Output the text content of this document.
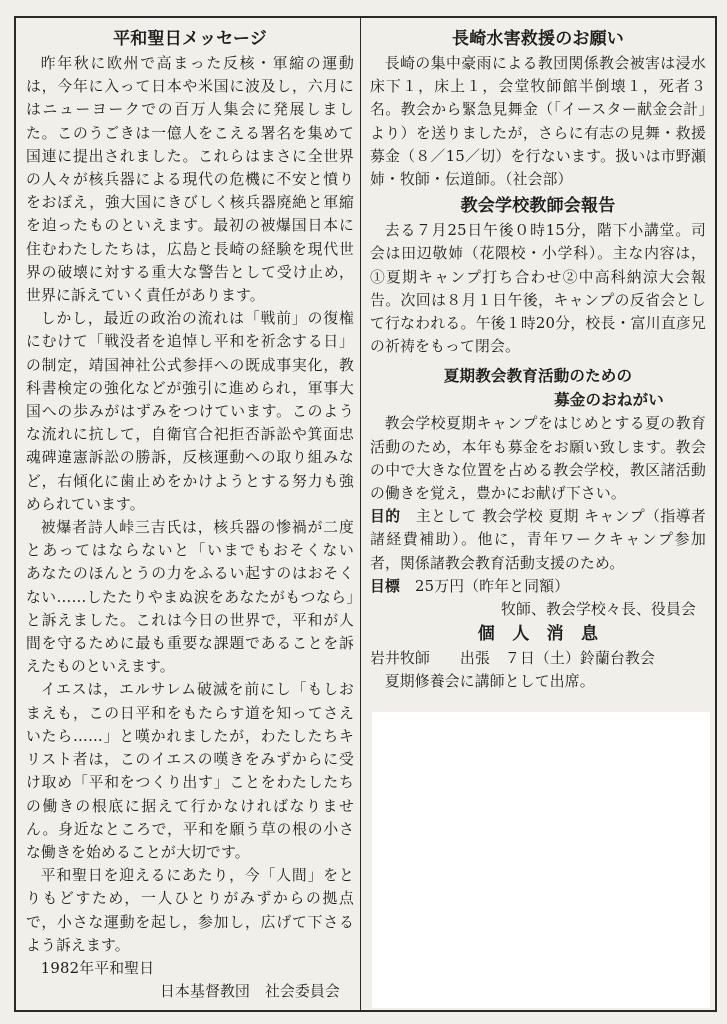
平和聖日メッセージ

昨年秋に欧州で高まった反核・軍縮の運動は，今年に入って日本や米国に波及し，六月にはニューヨークでの百万人集会に発展しました。このうごきは一億人をこえる署名を集めて国連に提出されました。これらはまさに全世界の人々が核兵器による現代の危機に不安と憤りをおぼえ，強大国にきびしく核兵器廃絶と軍縮を迫ったものといえます。最初の被爆国日本に住むわたしたちは，広島と長崎の経験を現代世界の破壊に対する重大な警告として受け止め，世界に訴えていく責任があります。

しかし，最近の政治の流れは「戦前」の復権にむけて「戦没者を追悼し平和を祈念する日」の制定，靖国神社公式参拝への既成事実化，教科書検定の強化などが強引に進められ，軍事大国への歩みがはずみをつけています。このような流れに抗して，自衛官合祀拒否訴訟や箕面忠魂碑違憲訴訟の勝訴，反核運動への取り組みなど，右傾化に歯止めをかけようとする努力も強められています。

被爆者詩人峠三吉氏は，核兵器の惨禍が二度とあってはならないと「いまでもおそくない　あなたのほんとうの力をふるい起すのはおそくない……したたりやまぬ涙をあなたがもつなら」と訴えました。これは今日の世界で，平和が人間を守るために最も重要な課題であることを訴えたものといえます。

イエスは，エルサレム破滅を前にし「もしおまえも，この日平和をもたらす道を知ってさえいたら……」と嘆かれましたが，わたしたちキリスト者は，このイエスの嘆きをみずからに受け取め「平和をつくり出す」ことをわたしたちの働きの根底に据えて行かなければなりません。身近なところで，平和を願う草の根の小さな働きを始めることが大切です。

平和聖日を迎えるにあたり，今「人間」をとりもどすため，一人ひとりがみずからの拠点で，小さな運動を起し，参加し，広げて下さるよう訴えます。

1982年平和聖日

日本基督教団　社会委員会

長崎水害救援のお願い

長崎の集中豪雨による教団関係教会被害は浸水床下１，床上１，会堂牧師館半倒壊１，死者３名。教会から緊急見舞金（「イースター献金会計」より）を送りましたが，さらに有志の見舞・救援募金（８／15／切）を行ないます。扱いは市野瀬姉・牧師・伝道師。（社会部）

教会学校教師会報告

去る７月25日午後０時15分，階下小講堂。司会は田辺敬姉（花隈校・小学科）。主な内容は，①夏期キャンプ打ち合わせ②中高科納涼大会報告。次回は８月１日午後，キャンプの反省会として行なわれる。午後１時20分，校長・富川直彦兄の祈祷をもって閉会。

夏期教会教育活動のための
募金のおねがい

教会学校夏期キャンプをはじめとする夏の教育活動のため，本年も募金をお願い致します。教会の中で大きな位置を占める教会学校，教区諸活動の働きを覚え，豊かにお献げ下さい。

目的　 主として 教会学校 夏期 キャンプ（指導者諸経費補助）。他に，青年ワークキャンプ参加者，関係諸教会教育活動支援のため。

目標　 25万円（昨年と同額）

牧師、教会学校々長、役員会

個　人　消　息

岩井牧師　　出張　７日（土）鈴蘭台教会

夏期修養会に講師として出席。
